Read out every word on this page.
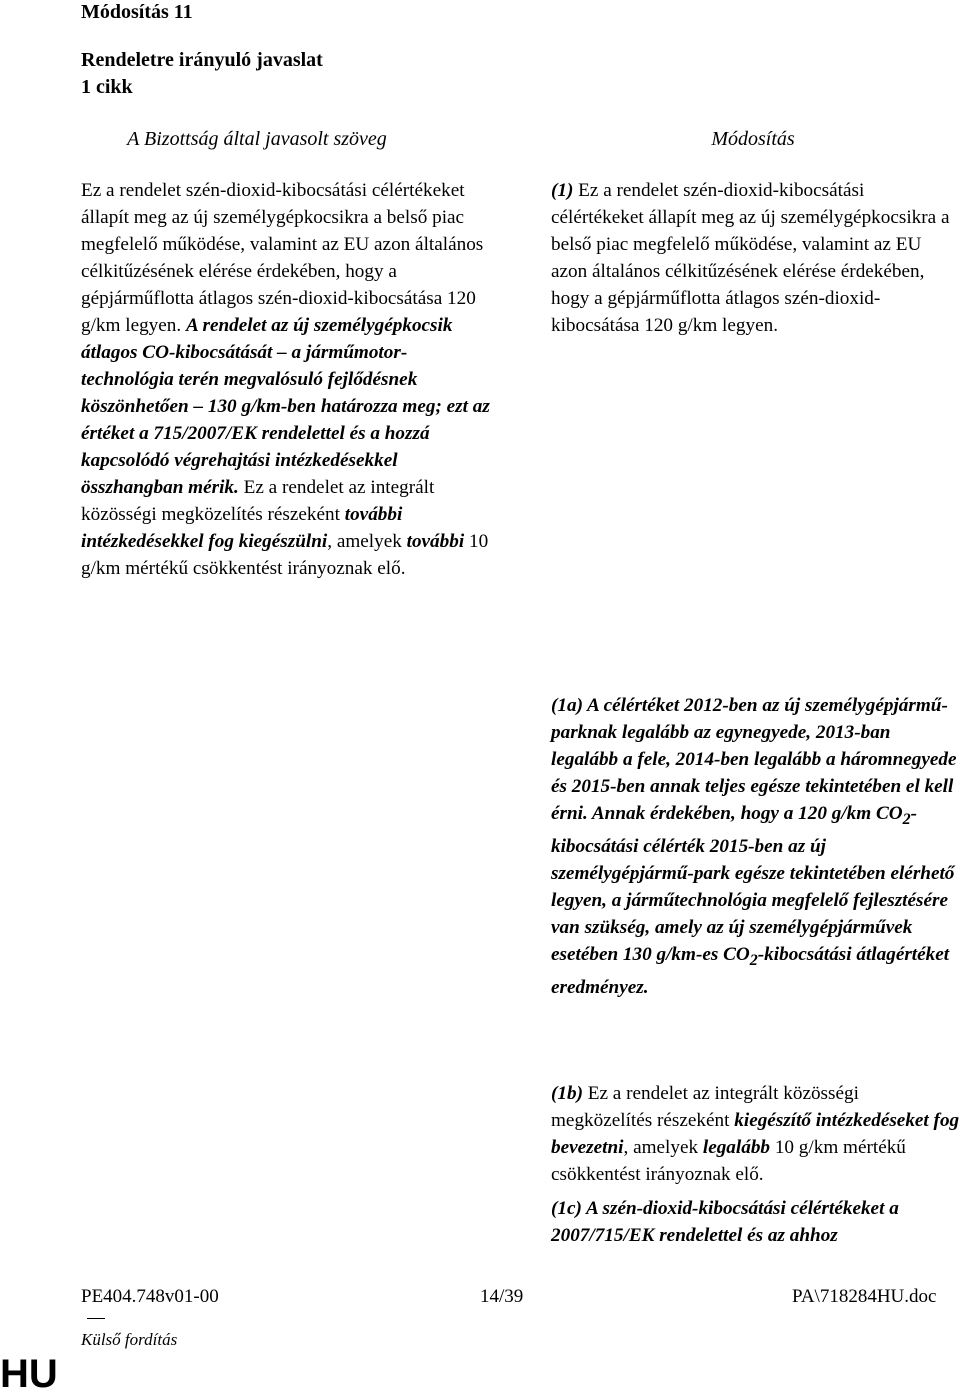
Módosítás 11
Rendeletre irányuló javaslat
1 cikk
A Bizottság által javasolt szöveg	Módosítás
Ez a rendelet szén-dioxid-kibocsátási célértékeket állapít meg az új személygépkocsikra a belső piac megfelelő működése, valamint az EU azon általános célkitűzésének elérése érdekében, hogy a gépjárműflotta átlagos szén-dioxid-kibocsátása 120 g/km legyen. A rendelet az új személygépkocsik átlagos CO-kibocsátását – a járműmotor-technológia terén megvalósuló fejlődésnek köszönhetően – 130 g/km-ben határozza meg; ezt az értéket a 715/2007/EK rendelettel és a hozzá kapcsolódó végrehajtási intézkedésekkel összhangban mérik. Ez a rendelet az integrált közösségi megközelítés részeként további intézkedésekkel fog kiegészülni, amelyek további 10 g/km mértékű csökkentést irányoznak elő.
(1) Ez a rendelet szén-dioxid-kibocsátási célértékeket állapít meg az új személygépkocsikra a belső piac megfelelő működése, valamint az EU azon általános célkitűzésének elérése érdekében, hogy a gépjárműflotta átlagos szén-dioxid-kibocsátása 120 g/km legyen.
(1a) A célértéket 2012-ben az új személygépjármű-parknak legalább az egynegyede, 2013-ban legalább a fele, 2014-ben legalább a háromnegyede és 2015-ben annak teljes egésze tekintetében el kell érni. Annak érdekében, hogy a 120 g/km $CO_2$-kibocsátási célérték 2015-ben az új személygépjármű-park egésze tekintetében elérhető legyen, a járműtechnológia megfelelő fejlesztésére van szükség, amely az új személygépjárművek esetében 130 g/km-es $CO_2$-kibocsátási átlagértéket eredményez.
(1b) Ez a rendelet az integrált közösségi megközelítés részeként kiegészítő intézkedéseket fog bevezetni, amelyek legalább 10 g/km mértékű csökkentést irányoznak elő.
(1c) A szén-dioxid-kibocsátási célértékeket a 2007/715/EK rendelettel és az ahhoz
PE404.748v01-00	14/39	PA\718284HU.doc
Külső fordítás
HU
